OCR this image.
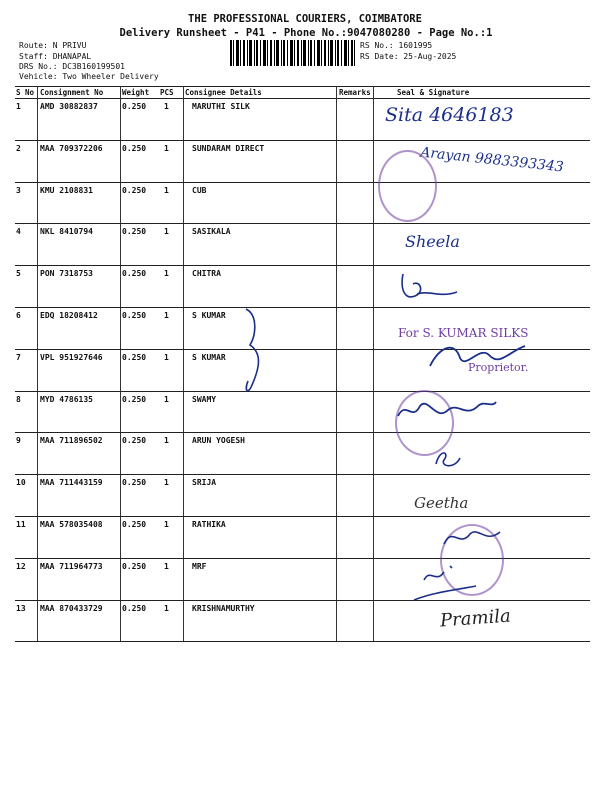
THE PROFESSIONAL COURIERS, COIMBATORE
Delivery Runsheet - P41 - Phone No.:9047080280 - Page No.:1
Route: N PRIVU
Staff: DHANAPAL
DRS No.: DC3B160199501
RS No.: 1601995
RS Date: 25-Aug-2025
Vehicle: Two Wheeler Delivery
S No Consignment No	Weight PCS Consignee Details	Remarks	Seal & Signature
1 AMD 30882837	0.250 1	MARUTHI SILK
2 MAA 709372206 0.250 1	SUNDARAM DIRECT
3 KMU 2108831	0.250 1	CUB
4 NKL 8410794	0.250 1	SASIKALA
5 PON 7318753	0.250 1	CHITRA
6 EDQ 18208412	0.250 1	S KUMAR
7 VPL 951927646 0.250 1	S KUMAR
8 MYD 4786135	0.250 1	SWAMY
9 MAA 711896502 0.250 1	ARUN YOGESH
10 MAA 711443159 0.250 1	SRIJA
11 MAA 578035408 0.250 1	RATHIKA
12 MAA 711964773 0.250 1	MRF
13 MAA 870433729 0.250 1	KRISHNAMURTHY
Sita 4646183
Arayan 9883393343
Sheela
For S. KUMAR SILKS
Proprietor.
Geetha
Pramila
